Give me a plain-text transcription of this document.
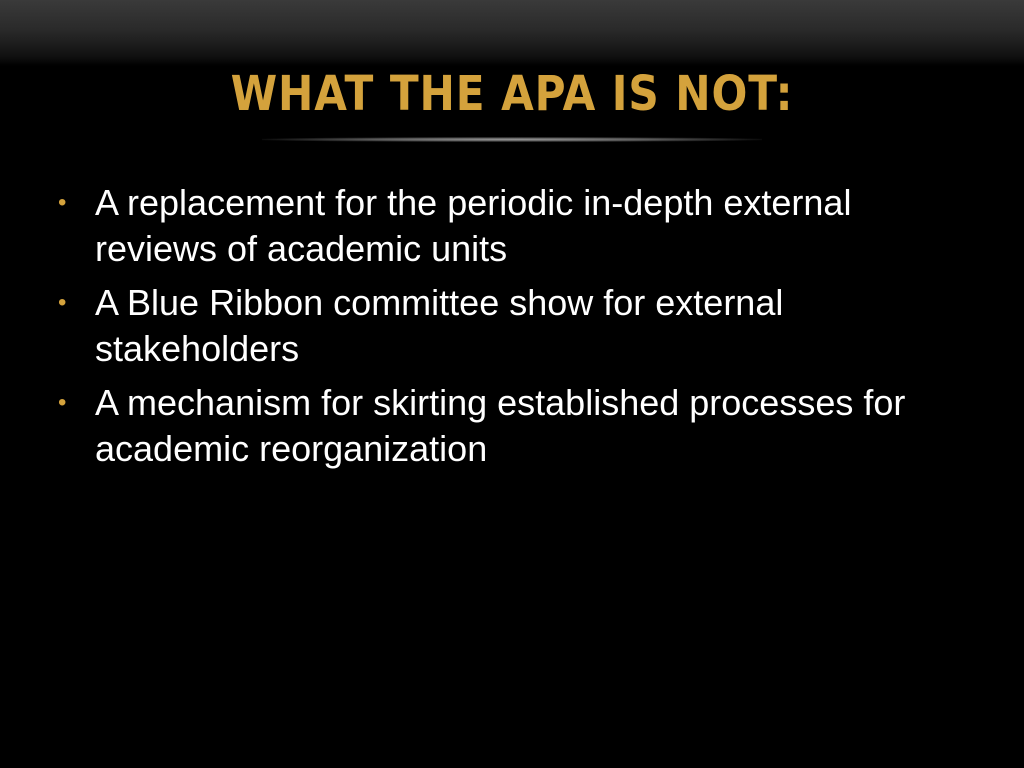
WHAT THE APA IS NOT:
• A replacement for the periodic in-depth external reviews of academic units
• A Blue Ribbon committee show for external stakeholders
• A mechanism for skirting established processes for academic reorganization
